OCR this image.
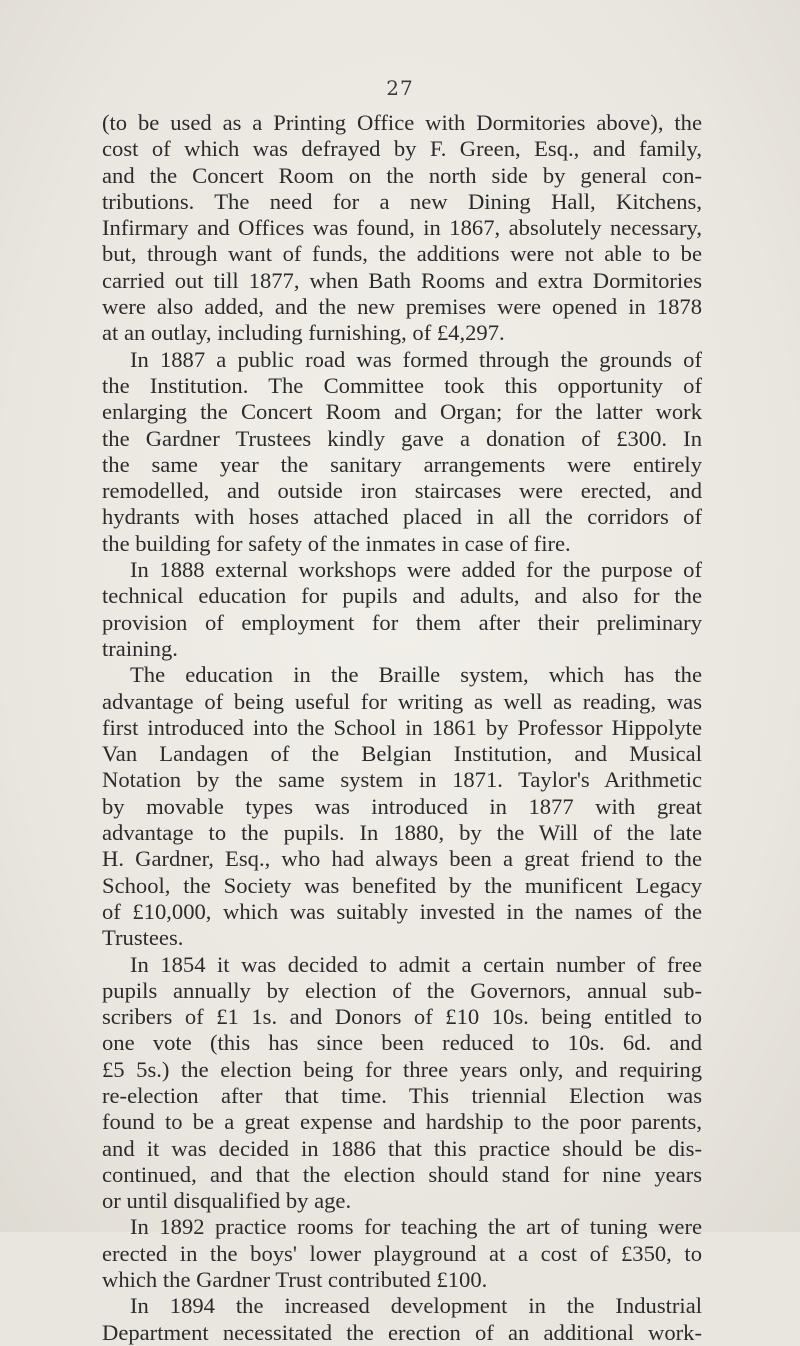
27
(to be used as a Printing Office with Dormitories above), the
cost of which was defrayed by F. Green, Esq., and family,
and the Concert Room on the north side by general con-
tributions. The need for a new Dining Hall, Kitchens,
Infirmary and Offices was found, in 1867, absolutely necessary,
but, through want of funds, the additions were not able to be
carried out till 1877, when Bath Rooms and extra Dormitories
were also added, and the new premises were opened in 1878
at an outlay, including furnishing, of £4,297.
In 1887 a public road was formed through the grounds of
the Institution. The Committee took this opportunity of
enlarging the Concert Room and Organ; for the latter work
the Gardner Trustees kindly gave a donation of £300. In
the same year the sanitary arrangements were entirely
remodelled, and outside iron staircases were erected, and
hydrants with hoses attached placed in all the corridors of
the building for safety of the inmates in case of fire.
In 1888 external workshops were added for the purpose of
technical education for pupils and adults, and also for the
provision of employment for them after their preliminary
training.
The education in the Braille system, which has the
advantage of being useful for writing as well as reading, was
first introduced into the School in 1861 by Professor Hippolyte
Van Landagen of the Belgian Institution, and Musical
Notation by the same system in 1871. Taylor's Arithmetic
by movable types was introduced in 1877 with great
advantage to the pupils. In 1880, by the Will of the late
H. Gardner, Esq., who had always been a great friend to the
School, the Society was benefited by the munificent Legacy
of £10,000, which was suitably invested in the names of the
Trustees.
In 1854 it was decided to admit a certain number of free
pupils annually by election of the Governors, annual sub-
scribers of £1 1s. and Donors of £10 10s. being entitled to
one vote (this has since been reduced to 10s. 6d. and
£5 5s.) the election being for three years only, and requiring
re-election after that time. This triennial Election was
found to be a great expense and hardship to the poor parents,
and it was decided in 1886 that this practice should be dis-
continued, and that the election should stand for nine years
or until disqualified by age.
In 1892 practice rooms for teaching the art of tuning were
erected in the boys' lower playground at a cost of £350, to
which the Gardner Trust contributed £100.
In 1894 the increased development in the Industrial
Department necessitated the erection of an additional work-
